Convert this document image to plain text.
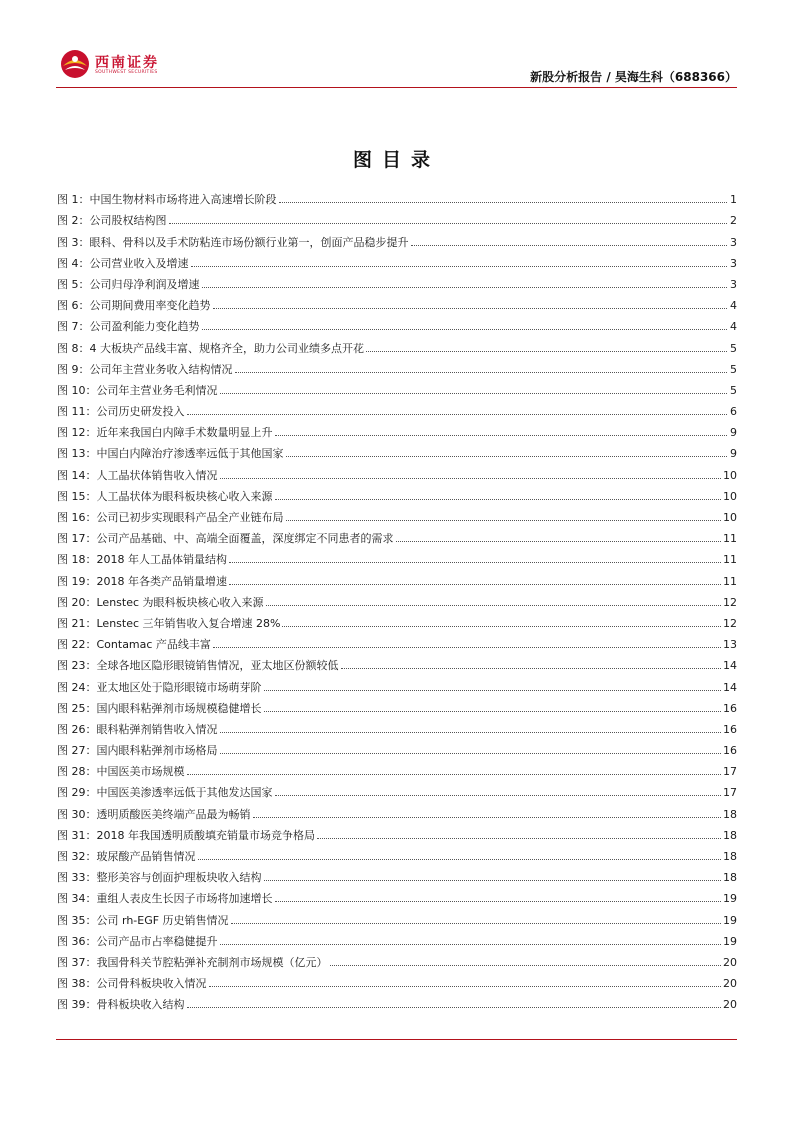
西南证券
SOUTHWEST SECURITIES	新股分析报告 / 昊海生科（688366）
图目录
图 1：中国生物材料市场将进入高速增长阶段	1
图 2：公司股权结构图	2
图 3：眼科、骨科以及手术防粘连市场份额行业第一，创面产品稳步提升	3
图 4：公司营业收入及增速	3
图 5：公司归母净利润及增速	3
图 6：公司期间费用率变化趋势	4
图 7：公司盈利能力变化趋势	4
图 8：4 大板块产品线丰富、规格齐全，助力公司业绩多点开花	5
图 9：公司年主营业务收入结构情况	5
图 10：公司年主营业务毛利情况	5
图 11：公司历史研发投入	6
图 12：近年来我国白内障手术数量明显上升	9
图 13：中国白内障治疗渗透率远低于其他国家	9
图 14：人工晶状体销售收入情况	10
图 15：人工晶状体为眼科板块核心收入来源	10
图 16：公司已初步实现眼科产品全产业链布局	10
图 17：公司产品基础、中、高端全面覆盖，深度绑定不同患者的需求	11
图 18：2018 年人工晶体销量结构	11
图 19：2018 年各类产品销量增速	11
图 20：Lenstec 为眼科板块核心收入来源	12
图 21：Lenstec 三年销售收入复合增速 28%	12
图 22：Contamac 产品线丰富	13
图 23：全球各地区隐形眼镜销售情况，亚太地区份额较低	14
图 24：亚太地区处于隐形眼镜市场萌芽阶	14
图 25：国内眼科粘弹剂市场规模稳健增长	16
图 26：眼科粘弹剂销售收入情况	16
图 27：国内眼科粘弹剂市场格局	16
图 28：中国医美市场规模	17
图 29：中国医美渗透率远低于其他发达国家	17
图 30：透明质酸医美终端产品最为畅销	18
图 31：2018 年我国透明质酸填充销量市场竞争格局	18
图 32：玻尿酸产品销售情况	18
图 33：整形美容与创面护理板块收入结构	18
图 34：重组人表皮生长因子市场将加速增长	19
图 35：公司 rh-EGF 历史销售情况	19
图 36：公司产品市占率稳健提升	19
图 37：我国骨科关节腔粘弹补充制剂市场规模（亿元）	20
图 38：公司骨科板块收入情况	20
图 39：骨科板块收入结构	20
